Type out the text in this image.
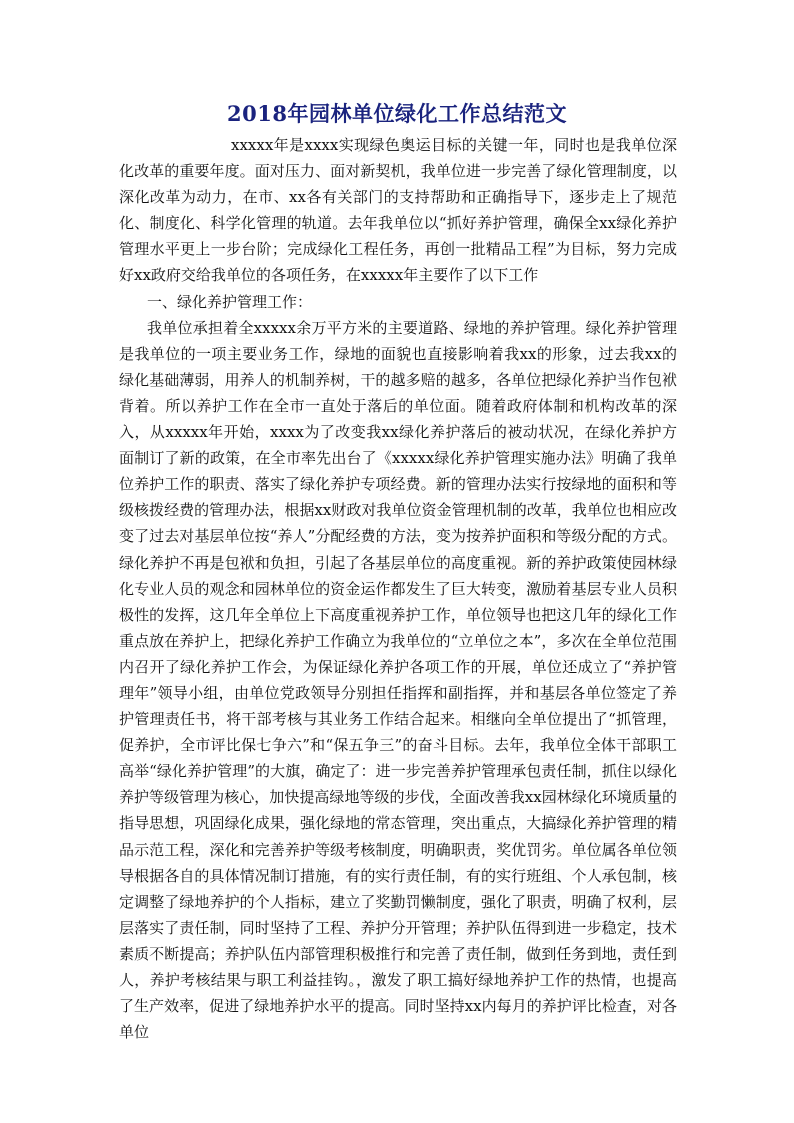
2018年园林单位绿化工作总结范文

xxxxx年是xxxx实现绿色奥运目标的关键一年，同时也是我单位深化改革的重要年度。面对压力、面对新契机，我单位进一步完善了绿化管理制度，以深化改革为动力，在市、xx各有关部门的支持帮助和正确指导下，逐步走上了规范化、制度化、科学化管理的轨道。去年我单位以“抓好养护管理，确保全xx绿化养护管理水平更上一步台阶；完成绿化工程任务，再创一批精品工程”为目标，努力完成好xx政府交给我单位的各项任务，在xxxxx年主要作了以下工作

一、绿化养护管理工作：

我单位承担着全xxxxx余万平方米的主要道路、绿地的养护管理。绿化养护管理是我单位的一项主要业务工作，绿地的面貌也直接影响着我xx的形象，过去我xx的绿化基础薄弱，用养人的机制养树，干的越多赔的越多，各单位把绿化养护当作包袱背着。所以养护工作在全市一直处于落后的单位面。随着政府体制和机构改革的深入，从xxxxx年开始，xxxx为了改变我xx绿化养护落后的被动状况，在绿化养护方面制订了新的政策，在全市率先出台了《xxxxx绿化养护管理实施办法》明确了我单位养护工作的职责、落实了绿化养护专项经费。新的管理办法实行按绿地的面积和等级核拨经费的管理办法，根据xx财政对我单位资金管理机制的改革，我单位也相应改变了过去对基层单位按“养人”分配经费的方法，变为按养护面积和等级分配的方式。绿化养护不再是包袱和负担，引起了各基层单位的高度重视。新的养护政策使园林绿化专业人员的观念和园林单位的资金运作都发生了巨大转变，激励着基层专业人员积极性的发挥，这几年全单位上下高度重视养护工作，单位领导也把这几年的绿化工作重点放在养护上，把绿化养护工作确立为我单位的“立单位之本”，多次在全单位范围内召开了绿化养护工作会，为保证绿化养护各项工作的开展，单位还成立了“养护管理年”领导小组，由单位党政领导分别担任指挥和副指挥，并和基层各单位签定了养护管理责任书，将干部考核与其业务工作结合起来。相继向全单位提出了“抓管理，促养护，全市评比保七争六”和“保五争三”的奋斗目标。去年，我单位全体干部职工高举“绿化养护管理”的大旗，确定了：进一步完善养护管理承包责任制，抓住以绿化养护等级管理为核心，加快提高绿地等级的步伐，全面改善我xx园林绿化环境质量的指导思想，巩固绿化成果，强化绿地的常态管理，突出重点，大搞绿化养护管理的精品示范工程，深化和完善养护等级考核制度，明确职责，奖优罚劣。单位属各单位领导根据各自的具体情况制订措施，有的实行责任制，有的实行班组、个人承包制，核定调整了绿地养护的个人指标，建立了奖勤罚懒制度，强化了职责，明确了权利，层层落实了责任制，同时坚持了工程、养护分开管理；养护队伍得到进一步稳定，技术素质不断提高；养护队伍内部管理积极推行和完善了责任制，做到任务到地，责任到人，养护考核结果与职工利益挂钩。，激发了职工搞好绿地养护工作的热情，也提高了生产效率，促进了绿地养护水平的提高。同时坚持xx内每月的养护评比检查，对各单位
